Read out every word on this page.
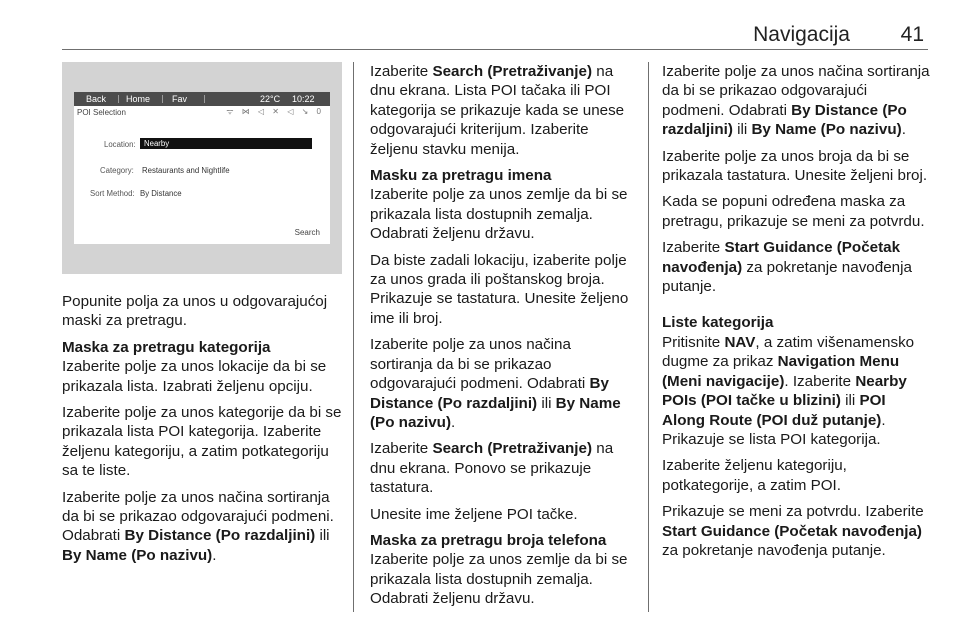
Navigacija 41
Back Home Fav	22°C 10:22
POI Selection	ᯤ ⋈ ◁ ✕ ◁ ↘ 0
Location: Nearby
Category: Restaurants and Nightlife
Sort Method: By Distance
Search

Popunite polja za unos u odgovarajućoj maski za pretragu.

Maska za pretragu kategorija

Izaberite polje za unos lokacije da bi se prikazala lista. Izabrati željenu opciju.

Izaberite polje za unos kategorije da bi se prikazala lista POI kategorija. Izaberite željenu kategoriju, a zatim potkategoriju sa te liste.

Izaberite polje za unos načina sortiranja da bi se prikazao odgovarajući podmeni. Odabrati By Distance (Po razdaljini) ili By Name (Po nazivu).

Izaberite Search (Pretraživanje) na dnu ekrana. Lista POI tačaka ili POI kategorija se prikazuje kada se unese odgovarajući kriterijum. Izaberite željenu stavku menija.

Masku za pretragu imena

Izaberite polje za unos zemlje da bi se prikazala lista dostupnih zemalja. Odabrati željenu državu.

Da biste zadali lokaciju, izaberite polje za unos grada ili poštanskog broja. Prikazuje se tastatura. Unesite željeno ime ili broj.

Izaberite polje za unos načina sortiranja da bi se prikazao odgovarajući podmeni. Odabrati By Distance (Po razdaljini) ili By Name (Po nazivu).

Izaberite Search (Pretraživanje) na dnu ekrana. Ponovo se prikazuje tastatura.

Unesite ime željene POI tačke.

Maska za pretragu broja telefona

Izaberite polje za unos zemlje da bi se prikazala lista dostupnih zemalja. Odabrati željenu državu.

Izaberite polje za unos načina sortiranja da bi se prikazao odgovarajući podmeni. Odabrati By Distance (Po razdaljini) ili By Name (Po nazivu).

Izaberite polje za unos broja da bi se prikazala tastatura. Unesite željeni broj.

Kada se popuni određena maska za pretragu, prikazuje se meni za potvrdu.

Izaberite Start Guidance (Početak navođenja) za pokretanje navođenja putanje.

Liste kategorija

Pritisnite NAV, a zatim višenamensko dugme za prikaz Navigation Menu (Meni navigacije). Izaberite Nearby POIs (POI tačke u blizini) ili POI Along Route (POI duž putanje). Prikazuje se lista POI kategorija.

Izaberite željenu kategoriju, potkategorije, a zatim POI.

Prikazuje se meni za potvrdu. Izaberite Start Guidance (Početak navođenja) za pokretanje navođenja putanje.
